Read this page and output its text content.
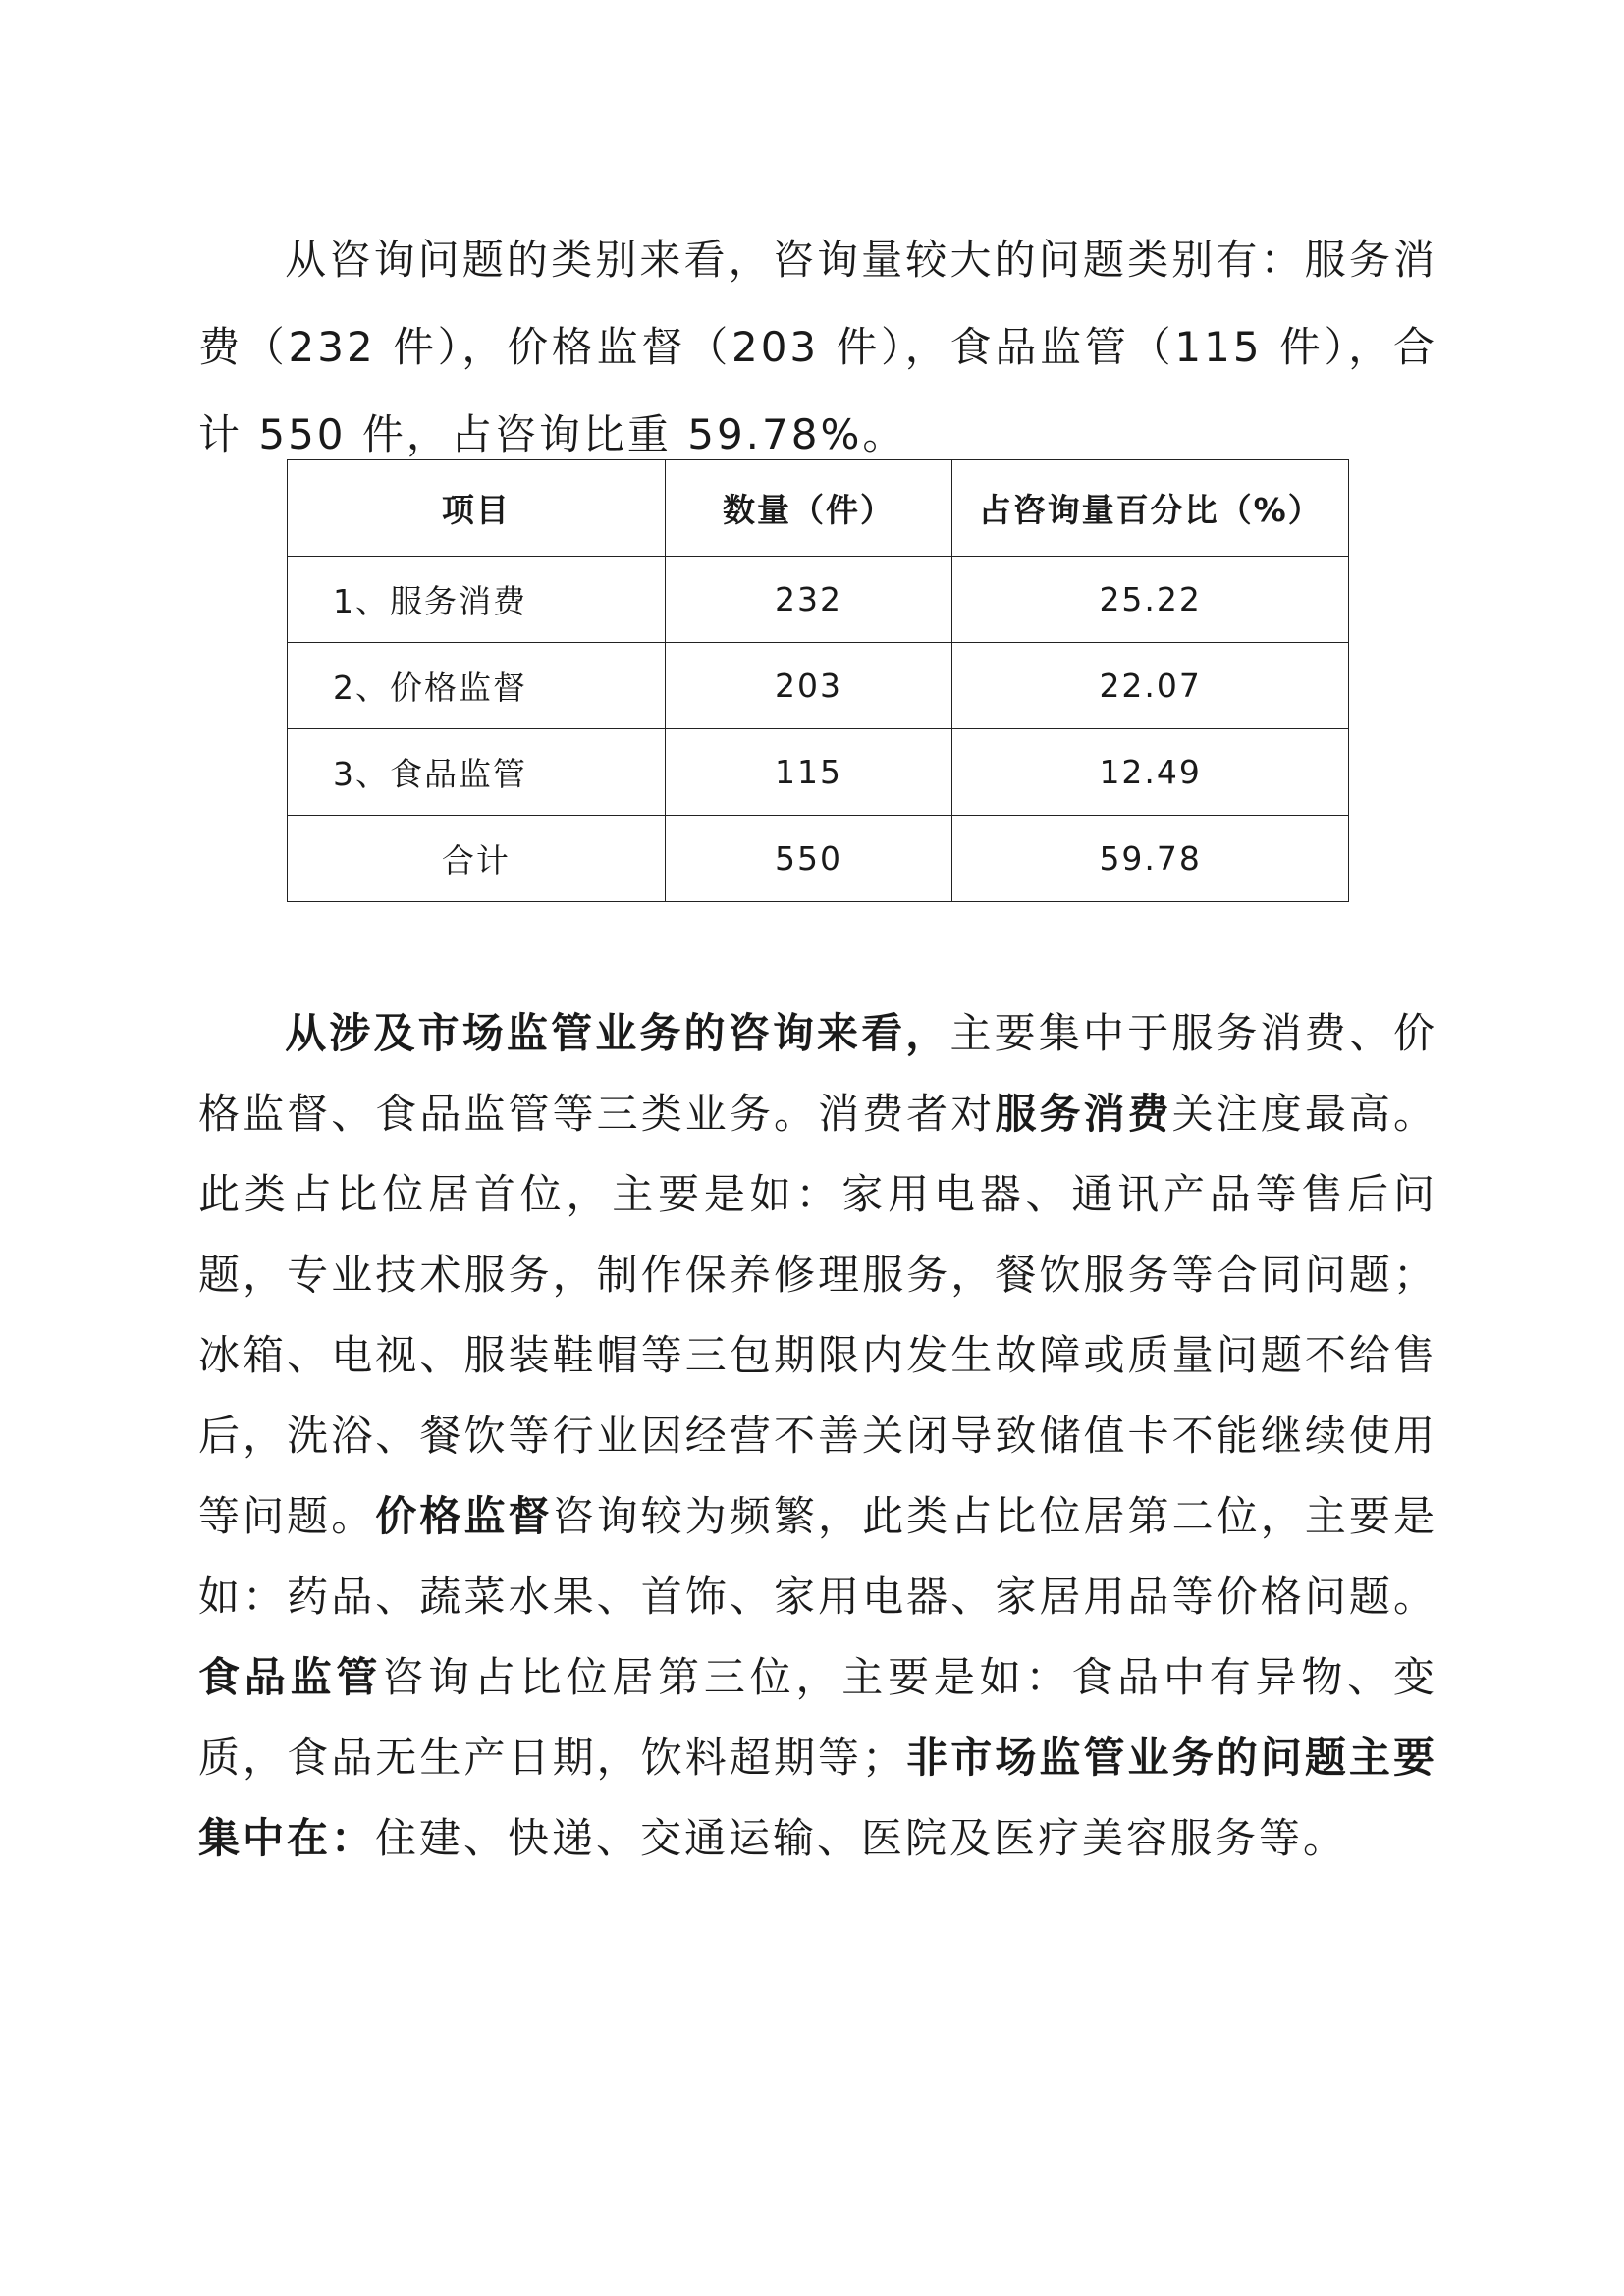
从咨询问题的类别来看，咨询量较大的问题类别有：服务消费（232 件），价格监督（203 件），食品监管（115 件），合计 550 件，占咨询比重 59.78%。

项目	数量（件）	占咨询量百分比（%）
1、服务消费	232	25.22
2、价格监督	203	22.07
3、食品监管	115	12.49
合计	550	59.78

从涉及市场监管业务的咨询来看，主要集中于服务消费、价格监督、食品监管等三类业务。消费者对服务消费关注度最高。此类占比位居首位，主要是如：家用电器、通讯产品等售后问题，专业技术服务，制作保养修理服务，餐饮服务等合同问题；冰箱、电视、服装鞋帽等三包期限内发生故障或质量问题不给售后，洗浴、餐饮等行业因经营不善关闭导致储值卡不能继续使用等问题。价格监督咨询较为频繁，此类占比位居第二位，主要是如：药品、蔬菜水果、首饰、家用电器、家居用品等价格问题。食品监管咨询占比位居第三位，主要是如：食品中有异物、变质，食品无生产日期，饮料超期等；非市场监管业务的问题主要集中在：住建、快递、交通运输、医院及医疗美容服务等。
